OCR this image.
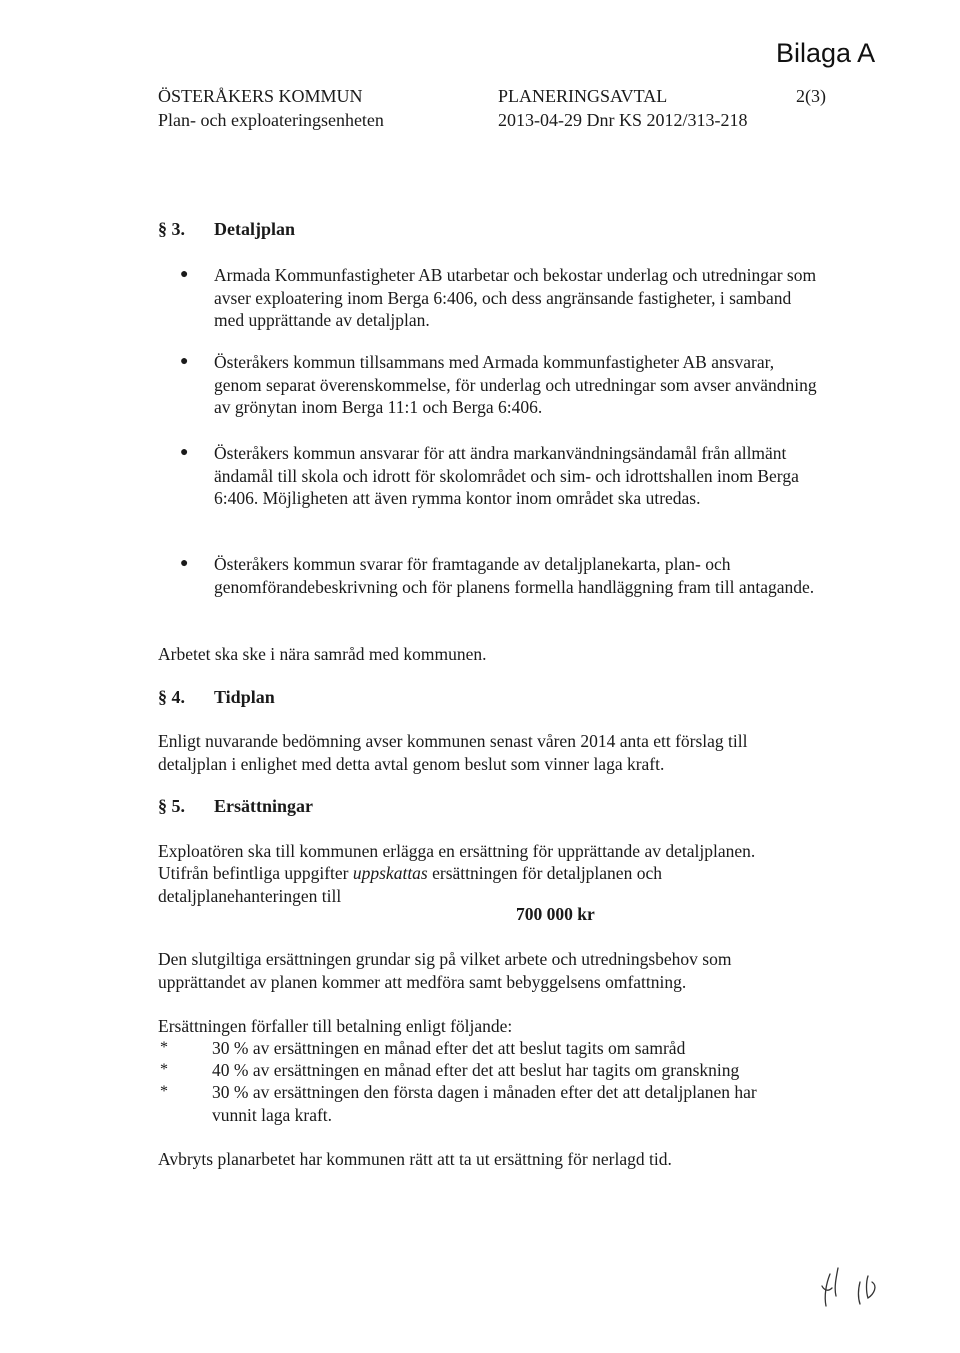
Bilaga A
ÖSTERÅKERS KOMMUN
Plan- och exploateringsenheten
PLANERINGSAVTAL
2013-04-29 Dnr KS 2012/313-218
2(3)
§ 3. Detaljplan
●	Armada Kommunfastigheter AB utarbetar och bekostar underlag och utredningar som avser exploatering inom Berga 6:406, och dess angränsande fastigheter, i samband med upprättande av detaljplan.
●	Österåkers kommun tillsammans med Armada kommunfastigheter AB ansvarar, genom separat överenskommelse, för underlag och utredningar som avser användning av grönytan inom Berga 11:1 och Berga 6:406.
●	Österåkers kommun ansvarar för att ändra markanvändningsändamål från allmänt ändamål till skola och idrott för skolområdet och sim- och idrottshallen inom Berga 6:406. Möjligheten att även rymma kontor inom området ska utredas.
●	Österåkers kommun svarar för framtagande av detaljplanekarta, plan- och genomförandebeskrivning och för planens formella handläggning fram till antagande.
Arbetet ska ske i nära samråd med kommunen.
§ 4. Tidplan
Enligt nuvarande bedömning avser kommunen senast våren 2014 anta ett förslag till detaljplan i enlighet med detta avtal genom beslut som vinner laga kraft.
§ 5. Ersättningar
Exploatören ska till kommunen erlägga en ersättning för upprättande av detaljplanen.
Utifrån befintliga uppgifter uppskattas ersättningen för detaljplanen och detaljplanehanteringen till
700 000 kr
Den slutgiltiga ersättningen grundar sig på vilket arbete och utredningsbehov som upprättandet av planen kommer att medföra samt bebyggelsens omfattning.
Ersättningen förfaller till betalning enligt följande:
*	30 % av ersättningen en månad efter det att beslut tagits om samråd
*	40 % av ersättningen en månad efter det att beslut har tagits om granskning
*	30 % av ersättningen den första dagen i månaden efter det att detaljplanen har vunnit laga kraft.
Avbryts planarbetet har kommunen rätt att ta ut ersättning för nerlagd tid.
